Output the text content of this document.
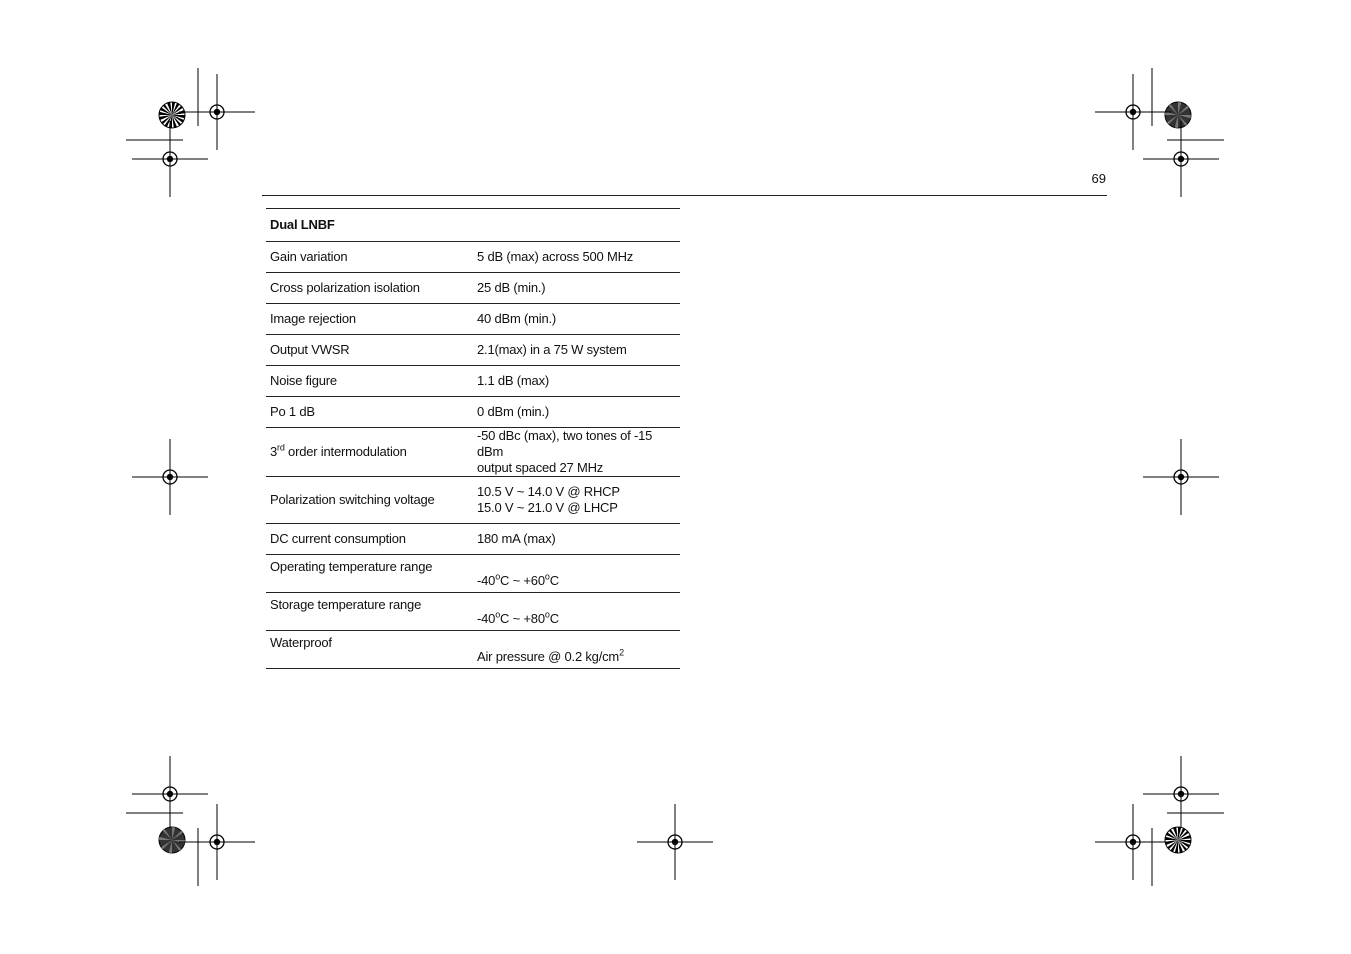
69
Dual LNBF	
Gain variation	5 dB (max) across 500 MHz
Cross polarization isolation	25 dB (min.)
Image rejection	40 dBm (min.)
Output VWSR	2.1(max) in a 75 W system
Noise figure	1.1 dB (max)
Po 1 dB	0 dBm (min.)
3rd order intermodulation	-50 dBc (max), two tones of -15 dBm
output spaced 27 MHz

Polarization switching voltage	10.5 V ~ 14.0 V @ RHCP
15.0 V ~ 21.0 V @ LHCP

DC current consumption	180 mA (max)
Operating temperature range	-40$^o$C ~ $+60^oC$
Storage temperature range	-40$^o$C ~ $+80^oC$
Waterproof	Air pressure @ 0.2 $kg/cm^2$
